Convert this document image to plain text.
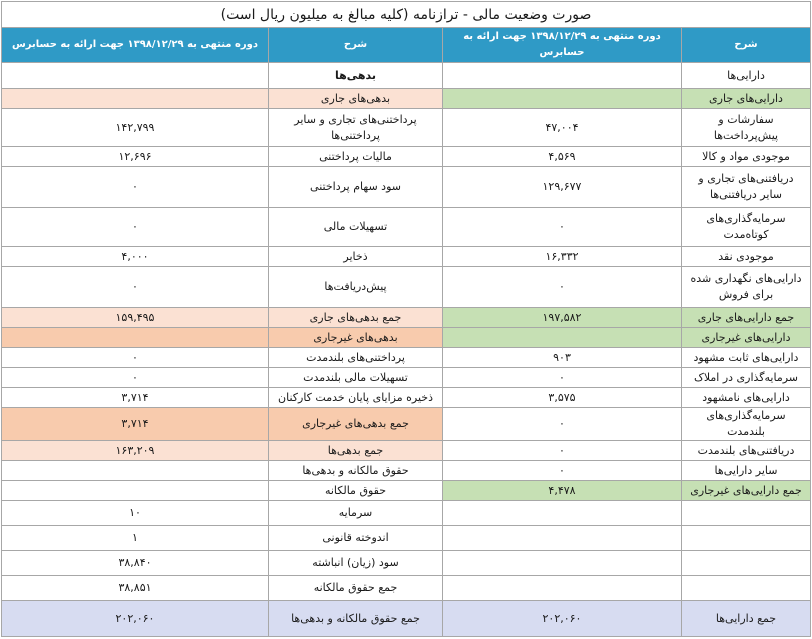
صورت وضعیت مالی - ترازنامه (کلیه مبالغ به میلیون ریال است)			
شرح	دوره منتهی به ۱۳۹۸/۱۲/۲۹ جهت ارائه به حسابرس	شرح	دوره منتهی به ۱۳۹۸/۱۲/۲۹ جهت ارائه به حسابرس
دارایی‌ها		بدهی‌ها	
دارایی‌های جاری		بدهی‌های جاری	
سفارشات و پیش‌پرداخت‌ها	۴۷,۰۰۴	پرداختنی‌های تجاری و سایر پرداختنی‌ها	۱۴۲,۷۹۹
موجودی مواد و کالا	۴,۵۶۹	مالیات پرداختنی	۱۲,۶۹۶
دریافتنی‌های تجاری و سایر دریافتنی‌ها	۱۲۹,۶۷۷	سود سهام پرداختنی	۰
سرمایه‌گذاری‌های کوتاه‌مدت	۰	تسهیلات مالی	۰
موجودی نقد	۱۶,۳۳۲	ذخایر	۴,۰۰۰
دارایی‌های نگهداری شده برای فروش	۰	پیش‌دریافت‌ها	۰
جمع دارایی‌های جاری	۱۹۷,۵۸۲	جمع بدهی‌های جاری	۱۵۹,۴۹۵
دارایی‌های غیرجاری		بدهی‌های غیرجاری	
دارایی‌های ثابت مشهود	۹۰۳	پرداختنی‌های بلندمدت	۰
سرمایه‌گذاری در املاک	۰	تسهیلات مالی بلندمدت	۰
دارایی‌های نامشهود	۳,۵۷۵	ذخیره مزایای پایان خدمت کارکنان	۳,۷۱۴
سرمایه‌گذاری‌های بلندمدت	۰	جمع بدهی‌های غیرجاری	۳,۷۱۴
دریافتنی‌های بلندمدت	۰	جمع بدهی‌ها	۱۶۳,۲۰۹
سایر دارایی‌ها	۰	حقوق مالکانه و بدهی‌ها	
جمع دارایی‌های غیرجاری	۴,۴۷۸	حقوق مالکانه	
		سرمایه	۱۰
		اندوخته قانونی	۱
		سود (زیان) انباشته	۳۸,۸۴۰
		جمع حقوق مالکانه	۳۸,۸۵۱
جمع دارایی‌ها	۲۰۲,۰۶۰	جمع حقوق مالکانه و بدهی‌ها	۲۰۲,۰۶۰
